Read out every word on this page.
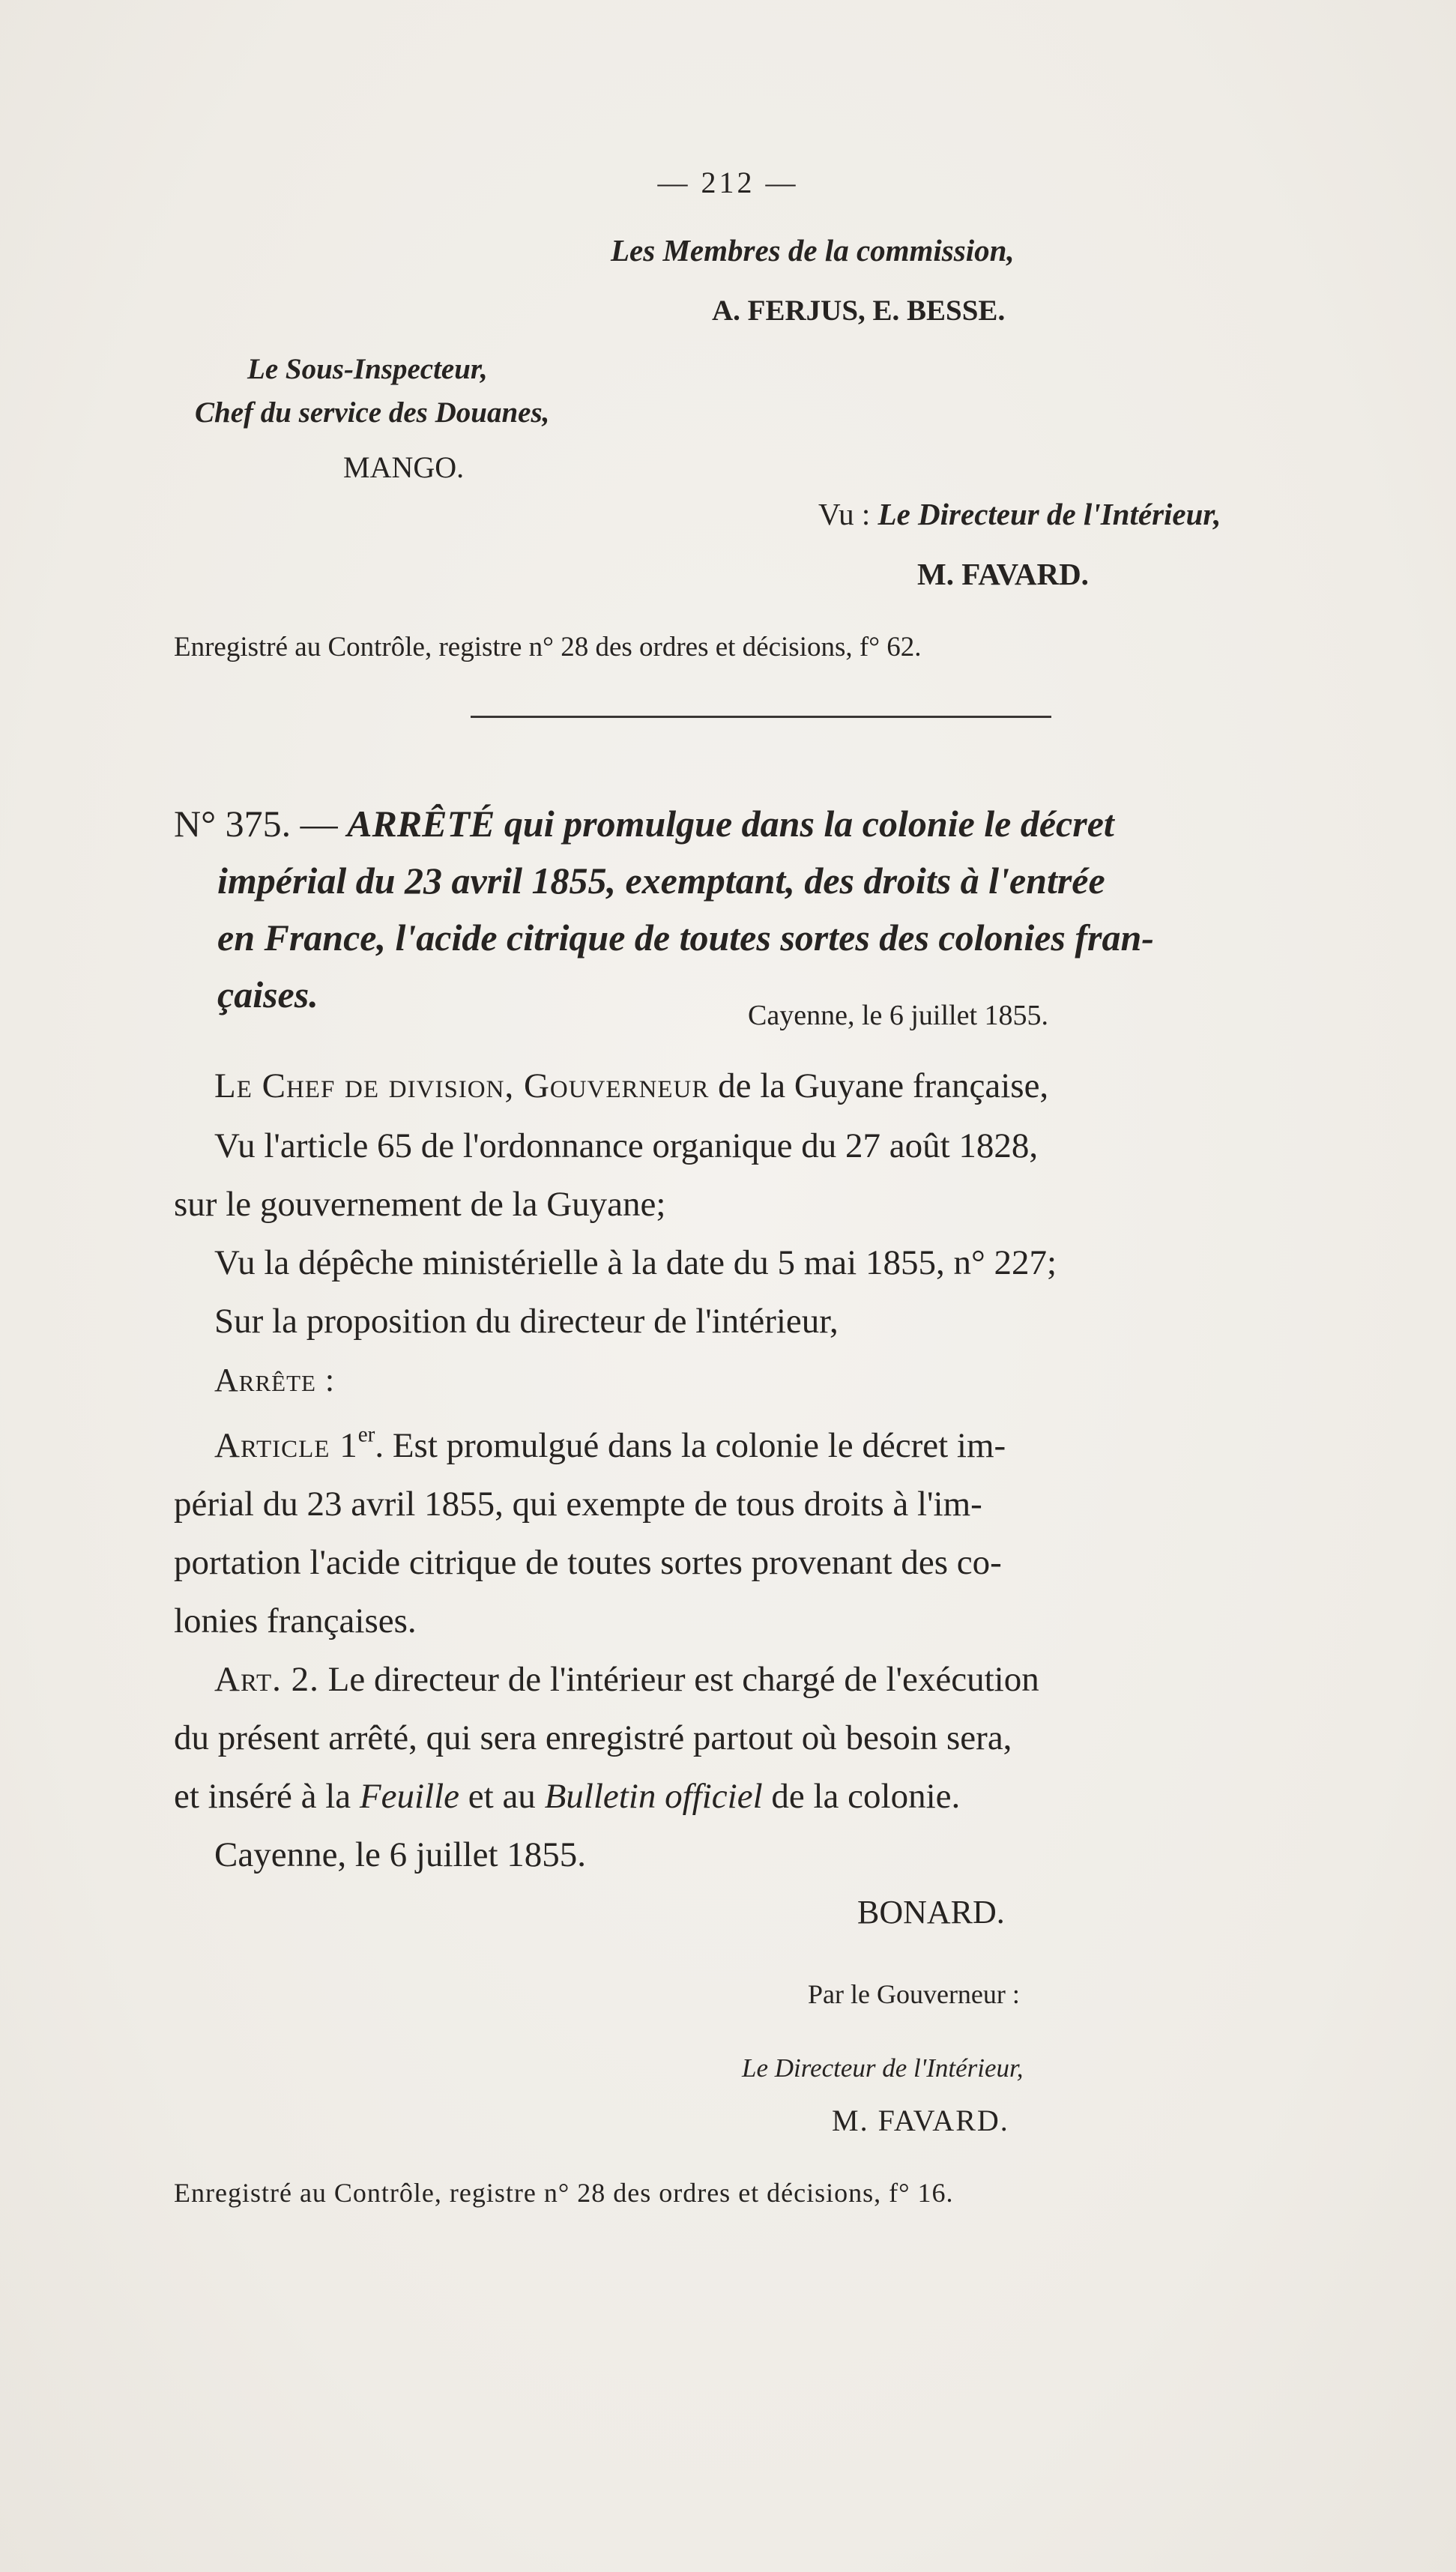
— 212 —
Les Membres de la commission,
A. FERJUS, E. BESSE.
Le Sous-Inspecteur,
Chef du service des Douanes,
MANGO.
Vu : Le Directeur de l'Intérieur,
M. FAVARD.
Enregistré au Contrôle, registre n° 28 des ordres et décisions, f° 62.
N° 375. — ARRÊTÉ qui promulgue dans la colonie le décret
impérial du 23 avril 1855, exemptant, des droits à l'entrée
en France, l'acide citrique de toutes sortes des colonies fran-
çaises.	Cayenne, le 6 juillet 1855.
Le Chef de division, Gouverneur de la Guyane française,
Vu l'article 65 de l'ordonnance organique du 27 août 1828,
sur le gouvernement de la Guyane;
Vu la dépêche ministérielle à la date du 5 mai 1855, n° 227;
Sur la proposition du directeur de l'intérieur,
Arrête :
Article 1er. Est promulgué dans la colonie le décret im-
périal du 23 avril 1855, qui exempte de tous droits à l'im-
portation l'acide citrique de toutes sortes provenant des co-
lonies françaises.
Art. 2. Le directeur de l'intérieur est chargé de l'exécution
du présent arrêté, qui sera enregistré partout où besoin sera,
et inséré à la Feuille et au Bulletin officiel de la colonie.
Cayenne, le 6 juillet 1855.
BONARD.
Par le Gouverneur :
Le Directeur de l'Intérieur,
M. FAVARD.
Enregistré au Contrôle, registre n° 28 des ordres et décisions, f° 16.
